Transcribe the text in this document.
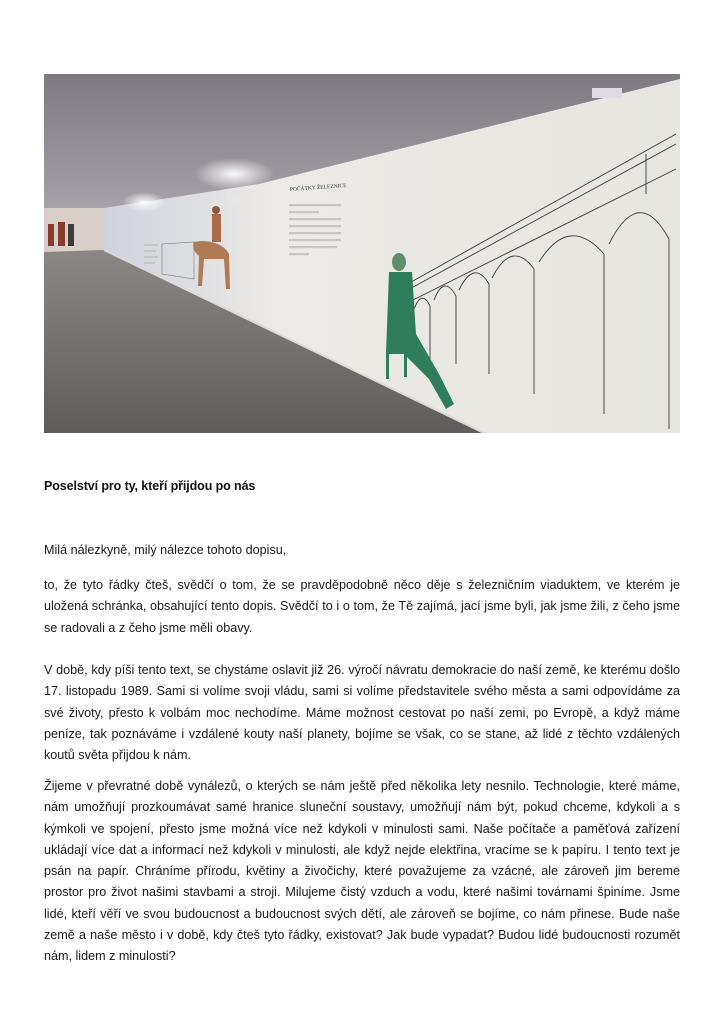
POČÁTKY ŽELEZNICE
Poselství pro ty, kteří přijdou po nás

Milá nálezkyně, milý nálezce tohoto dopisu,

to, že tyto řádky čteš, svědčí o tom, že se pravděpodobně něco děje s železničním viaduktem, ve kterém je uložená schránka, obsahující tento dopis. Svědčí to i o tom, že Tě zajímá, jací jsme byli, jak jsme žili, z čeho jsme se radovali a z čeho jsme měli obavy.

V době, kdy píši tento text, se chystáme oslavit již 26. výročí návratu demokracie do naší země, ke kterému došlo 17. listopadu 1989. Sami si volíme svoji vládu, sami si volíme představitele svého města a sami odpovídáme za své životy, přesto k volbám moc nechodíme. Máme možnost cestovat po naší zemi, po Evropě, a když máme peníze, tak poznáváme i vzdálené kouty naší planety, bojíme se však, co se stane, až lidé z těchto vzdálených koutů světa přijdou k nám.

Žijeme v převratné době vynálezů, o kterých se nám ještě před několika lety nesnilo. Technologie, které máme, nám umožňují prozkoumávat samé hranice sluneční soustavy, umožňují nám být, pokud chceme, kdykoli a s kýmkoli ve spojení, přesto jsme možná více než kdykoli v minulosti sami. Naše počítače a paměťová zařízení ukládají více dat a informací než kdykoli v minulosti, ale když nejde elektřina, vracíme se k papíru. I tento text je psán na papír. Chráníme přírodu, květiny a živočichy, které považujeme za vzácné, ale zároveň jim bereme prostor pro život našimi stavbami a stroji. Milujeme čistý vzduch a vodu, které našimi továrnami špiníme. Jsme lidé, kteří věří ve svou budoucnost a budoucnost svých dětí, ale zároveň se bojíme, co nám přinese. Bude naše země a naše město i v době, kdy čteš tyto řádky, existovat? Jak bude vypadat? Budou lidé budoucnosti rozumět nám, lidem z minulosti?
